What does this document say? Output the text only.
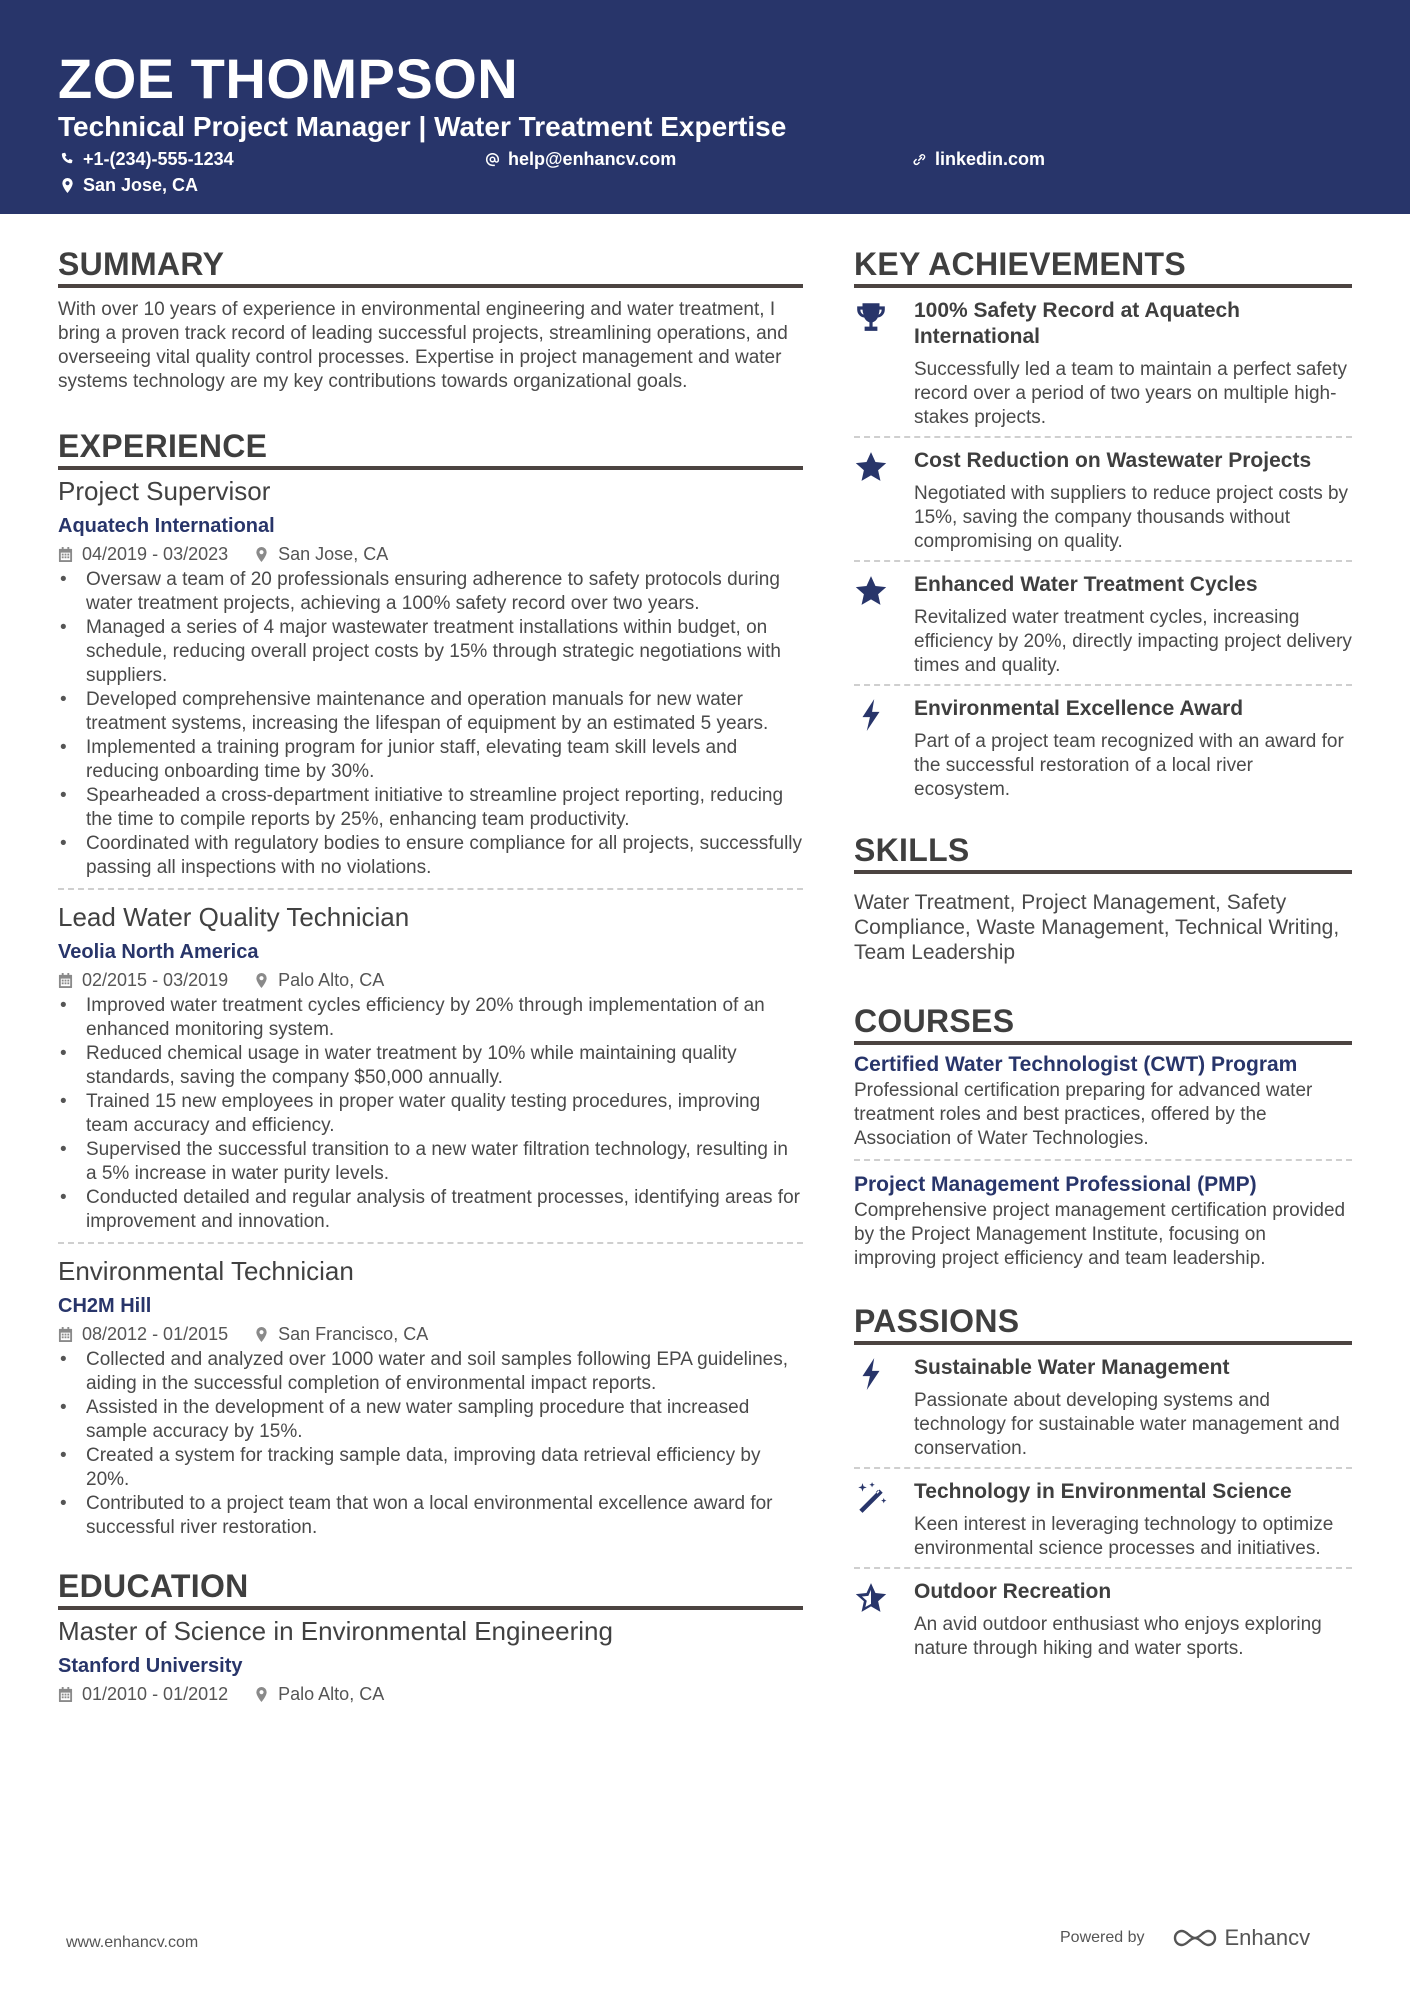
ZOE THOMPSON
Technical Project Manager | Water Treatment Expertise
+1-(234)-555-1234	help@enhancv.com	linkedin.com
San Jose, CA
SUMMARY

With over 10 years of experience in environmental engineering and water treatment, I bring a proven track record of leading successful projects, streamlining operations, and overseeing vital quality control processes. Expertise in project management and water systems technology are my key contributions towards organizational goals.

EXPERIENCE
Project Supervisor
Aquatech International
04/2019 - 03/2023	San Jose, CA
• Oversaw a team of 20 professionals ensuring adherence to safety protocols during water treatment projects, achieving a 100% safety record over two years.
• Managed a series of 4 major wastewater treatment installations within budget, on schedule, reducing overall project costs by 15% through strategic negotiations with suppliers.
• Developed comprehensive maintenance and operation manuals for new water treatment systems, increasing the lifespan of equipment by an estimated 5 years.
• Implemented a training program for junior staff, elevating team skill levels and reducing onboarding time by 30%.
• Spearheaded a cross-department initiative to streamline project reporting, reducing the time to compile reports by 25%, enhancing team productivity.
• Coordinated with regulatory bodies to ensure compliance for all projects, successfully passing all inspections with no violations.
Lead Water Quality Technician
Veolia North America
02/2015 - 03/2019	Palo Alto, CA
• Improved water treatment cycles efficiency by 20% through implementation of an enhanced monitoring system.
• Reduced chemical usage in water treatment by 10% while maintaining quality standards, saving the company $50,000 annually.
• Trained 15 new employees in proper water quality testing procedures, improving team accuracy and efficiency.
• Supervised the successful transition to a new water filtration technology, resulting in a 5% increase in water purity levels.
• Conducted detailed and regular analysis of treatment processes, identifying areas for improvement and innovation.
Environmental Technician
CH2M Hill
08/2012 - 01/2015	San Francisco, CA
• Collected and analyzed over 1000 water and soil samples following EPA guidelines, aiding in the successful completion of environmental impact reports.
• Assisted in the development of a new water sampling procedure that increased sample accuracy by 15%.
• Created a system for tracking sample data, improving data retrieval efficiency by 20%.
• Contributed to a project team that won a local environmental excellence award for successful river restoration.
EDUCATION
Master of Science in Environmental Engineering
Stanford University
01/2010 - 01/2012	Palo Alto, CA
KEY ACHIEVEMENTS
100% Safety Record at Aquatech International
Successfully led a team to maintain a perfect safety record over a period of two years on multiple high-stakes projects.
Cost Reduction on Wastewater Projects
Negotiated with suppliers to reduce project costs by 15%, saving the company thousands without compromising on quality.
Enhanced Water Treatment Cycles
Revitalized water treatment cycles, increasing efficiency by 20%, directly impacting project delivery times and quality.
Environmental Excellence Award
Part of a project team recognized with an award for the successful restoration of a local river ecosystem.
SKILLS

Water Treatment, Project Management, Safety Compliance, Waste Management, Technical Writing, Team Leadership

COURSES
Certified Water Technologist (CWT) Program
Professional certification preparing for advanced water treatment roles and best practices, offered by the Association of Water Technologies.
Project Management Professional (PMP)
Comprehensive project management certification provided by the Project Management Institute, focusing on improving project efficiency and team leadership.
PASSIONS
Sustainable Water Management
Passionate about developing systems and technology for sustainable water management and conservation.
Technology in Environmental Science
Keen interest in leveraging technology to optimize environmental science processes and initiatives.
Outdoor Recreation
An avid outdoor enthusiast who enjoys exploring nature through hiking and water sports.
www.enhancv.com	Powered by	Enhancv
